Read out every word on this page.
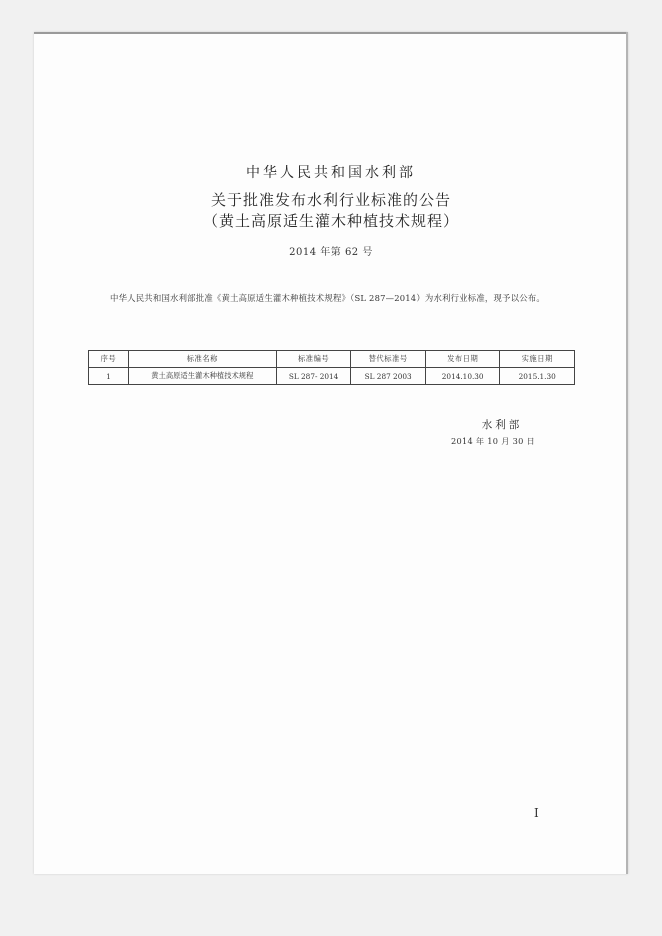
中华人民共和国水利部
关于批准发布水利行业标准的公告
（黄土高原适生灌木种植技术规程）
2014 年第 62 号
中华人民共和国水利部批准《黄土高原适生灌木种植技术规程》（SL 287—2014）为水利行业标准，现予以公布。
序号	标准名称	标准编号	替代标准号	发布日期	实施日期
1	黄土高原适生灌木种植技术规程	SL 287- 2014	SL 287 2003	2014.10.30	2015.1.30
水利部
2014 年 10 月 30 日
I
